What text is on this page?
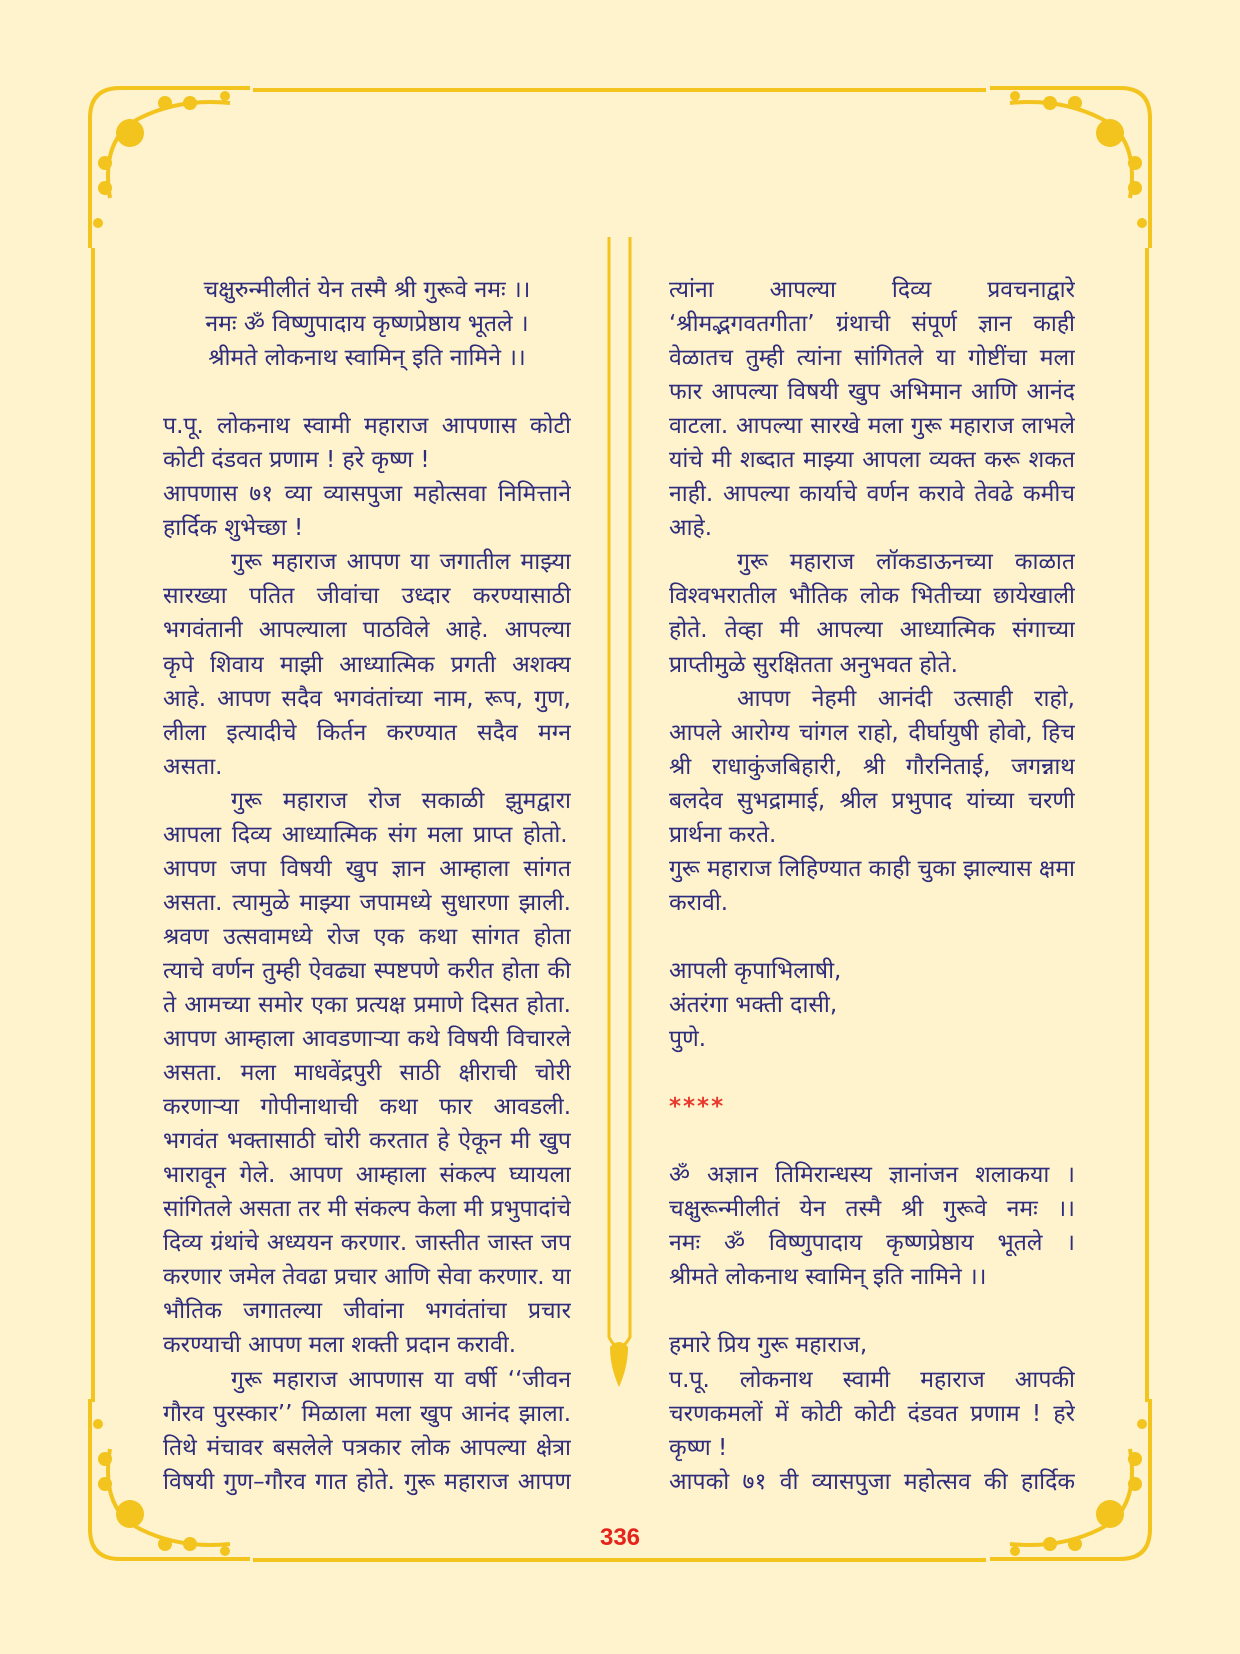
चक्षुरुन्मीलीतं येन तस्मै श्री गुरूवे नमः ।।
नमः ॐ विष्णुपादाय कृष्णप्रेष्ठाय भूतले ।
श्रीमते लोकनाथ स्वामिन् इति नामिने ।।
प.पू. लोकनाथ स्वामी महाराज आपणास कोटी
कोटी दंडवत प्रणाम ! हरे कृष्ण !
आपणास ७१ व्या व्यासपुजा महोत्सवा निमित्ताने
हार्दिक शुभेच्छा !
गुरू महाराज आपण या जगातील माझ्या
सारख्या पतित जीवांचा उध्दार करण्यासाठी
भगवंतानी आपल्याला पाठविले आहे. आपल्या
कृपे शिवाय माझी आध्यात्मिक प्रगती अशक्य
आहे. आपण सदैव भगवंतांच्या नाम, रूप, गुण,
लीला इत्यादीचे किर्तन करण्यात सदैव मग्न
असता.
गुरू महाराज रोज सकाळी झुमद्वारा
आपला दिव्य आध्यात्मिक संग मला प्राप्त होतो.
आपण जपा विषयी खुप ज्ञान आम्हाला सांगत
असता. त्यामुळे माझ्या जपामध्ये सुधारणा झाली.
श्रवण उत्सवामध्ये रोज एक कथा सांगत होता
त्याचे वर्णन तुम्ही ऐवढ्या स्पष्टपणे करीत होता की
ते आमच्या समोर एका प्रत्यक्ष प्रमाणे दिसत होता.
आपण आम्हाला आवडणाऱ्या कथे विषयी विचारले
असता. मला माधवेंद्रपुरी साठी क्षीराची चोरी
करणाऱ्या गोपीनाथाची कथा फार आवडली.
भगवंत भक्तासाठी चोरी करतात हे ऐकून मी खुप
भारावून गेले. आपण आम्हाला संकल्प घ्यायला
सांगितले असता तर मी संकल्प केला मी प्रभुपादांचे
दिव्य ग्रंथांचे अध्ययन करणार. जास्तीत जास्त जप
करणार जमेल तेवढा प्रचार आणि सेवा करणार. या
भौतिक जगातल्या जीवांना भगवंतांचा प्रचार
करण्याची आपण मला शक्ती प्रदान करावी.
गुरू महाराज आपणास या वर्षी ‘‘जीवन
गौरव पुरस्कार’’ मिळाला मला खुप आनंद झाला.
तिथे मंचावर बसलेले पत्रकार लोक आपल्या क्षेत्रा
विषयी गुण–गौरव गात होते. गुरू महाराज आपण
त्यांना आपल्या दिव्य प्रवचनाद्वारे
‘श्रीमद्भगवतगीता’ ग्रंथाची संपूर्ण ज्ञान काही
वेळातच तुम्ही त्यांना सांगितले या गोष्टींचा मला
फार आपल्या विषयी खुप अभिमान आणि आनंद
वाटला. आपल्या सारखे मला गुरू महाराज लाभले
यांचे मी शब्दात माझ्या आपला व्यक्त करू शकत
नाही. आपल्या कार्याचे वर्णन करावे तेवढे कमीच
आहे.
गुरू महाराज लॉकडाऊनच्या काळात
विश्वभरातील भौतिक लोक भितीच्या छायेखाली
होते. तेव्हा मी आपल्या आध्यात्मिक संगाच्या
प्राप्तीमुळे सुरक्षितता अनुभवत होते.
आपण नेहमी आनंदी उत्साही राहो,
आपले आरोग्य चांगल राहो, दीर्घायुषी होवो, हिच
श्री राधाकुंजबिहारी, श्री गौरनिताई, जगन्नाथ
बलदेव सुभद्रामाई, श्रील प्रभुपाद यांच्या चरणी
प्रार्थना करते.
गुरू महाराज लिहिण्यात काही चुका झाल्यास क्षमा
करावी.
आपली कृपाभिलाषी,
अंतरंगा भक्ती दासी,
पुणे.
****
ॐ अज्ञान तिमिरान्धस्य ज्ञानांजन शलाकया ।
चक्षुरून्मीलीतं येन तस्मै श्री गुरूवे नमः ।।
नमः ॐ विष्णुपादाय कृष्णप्रेष्ठाय भूतले ।
श्रीमते लोकनाथ स्वामिन् इति नामिने ।।
हमारे प्रिय गुरू महाराज,
प.पू. लोकनाथ स्वामी महाराज आपकी
चरणकमलों में कोटी कोटी दंडवत प्रणाम ! हरे
कृष्ण !
आपको ७१ वी व्यासपुजा महोत्सव की हार्दिक
336
